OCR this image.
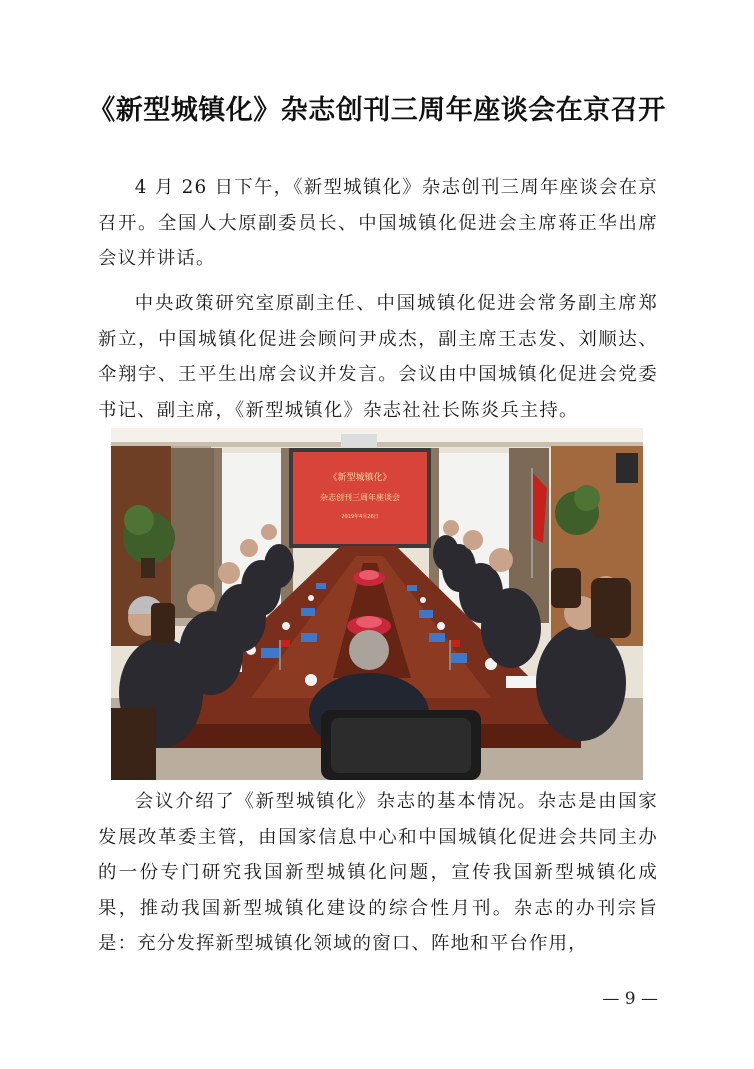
《新型城镇化》杂志创刊三周年座谈会在京召开

4 月 26 日下午，《新型城镇化》杂志创刊三周年座谈会在京召开。全国人大原副委员长、中国城镇化促进会主席蒋正华出席会议并讲话。

中央政策研究室原副主任、中国城镇化促进会常务副主席郑新立，中国城镇化促进会顾问尹成杰，副主席王志发、刘顺达、伞翔宇、王平生出席会议并发言。会议由中国城镇化促进会党委书记、副主席，《新型城镇化》杂志社社长陈炎兵主持。

《新型城镇化》
杂志创刊三周年座谈会
2019年4月26日

会议介绍了《新型城镇化》杂志的基本情况。杂志是由国家发展改革委主管，由国家信息中心和中国城镇化促进会共同主办的一份专门研究我国新型城镇化问题，宣传我国新型城镇化成果，推动我国新型城镇化建设的综合性月刊。杂志的办刊宗旨是：充分发挥新型城镇化领域的窗口、阵地和平台作用，

— 9 —
